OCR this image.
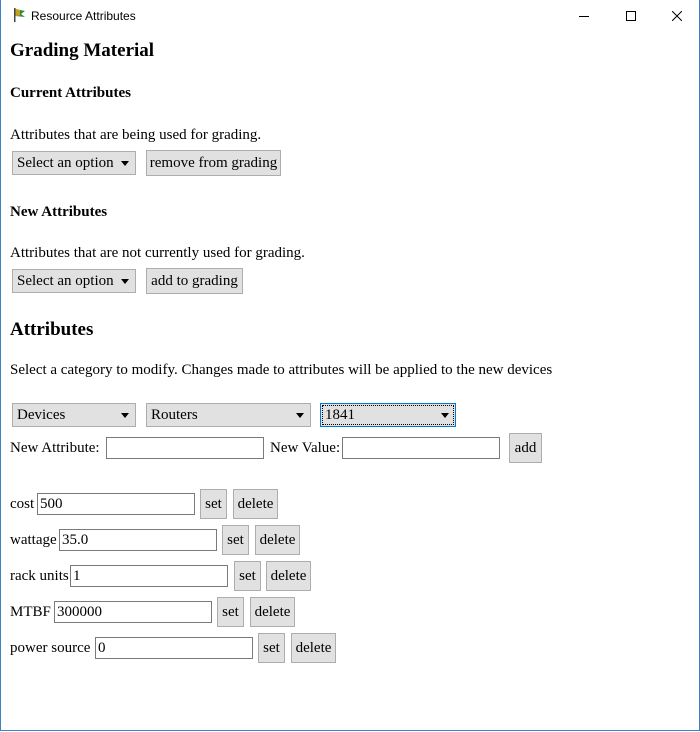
Resource Attributes
Grading Material
Current Attributes
Attributes that are being used for grading.
Select an option remove from grading
New Attributes
Attributes that are not currently used for grading.
Select an option	add to grading
Attributes
Select a category to modify. Changes made to attributes will be applied to the new devices
Devices	Routers	1841
New Attribute:	New Value:	add
cost 500	set	delete
wattage 35.0	set	delete
rack units 1	set delete
MTBF 300000	set	delete
power source 0	set	delete
